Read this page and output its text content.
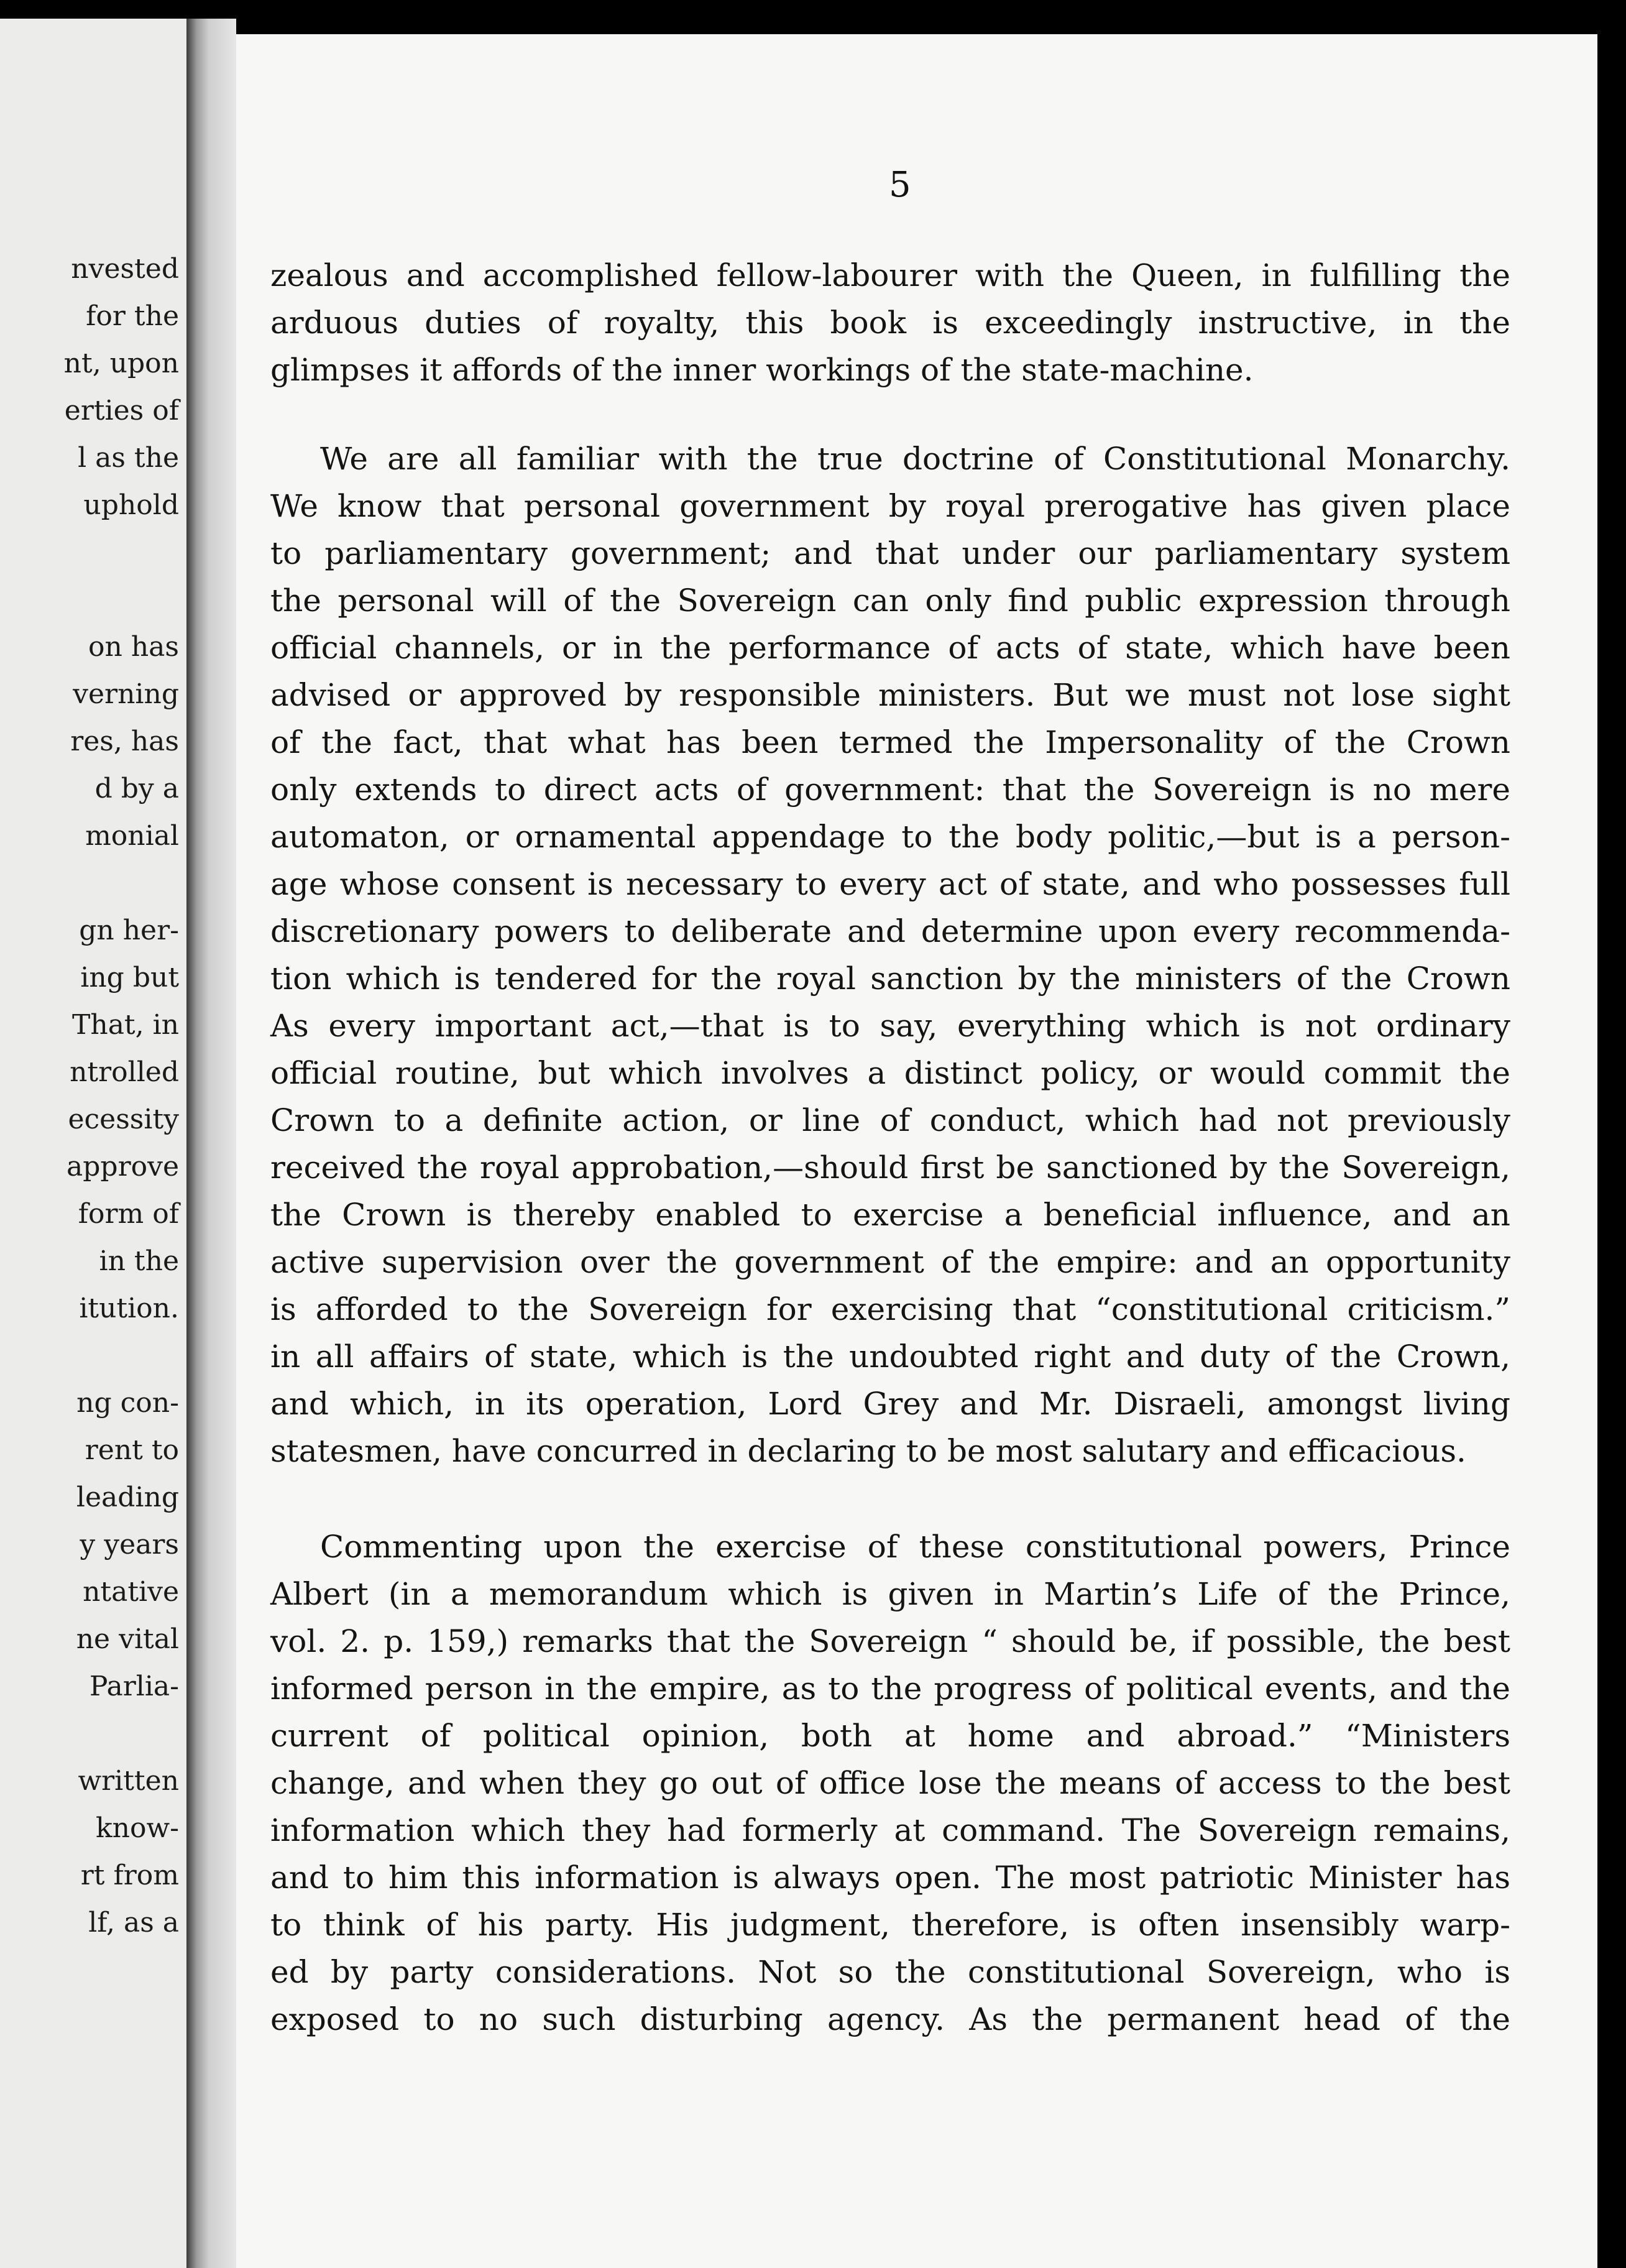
nvested
for the
nt, upon
erties of
l as the
uphold
on has
verning
res, has
d by a
monial
gn her-
ing but
That, in
ntrolled
ecessity
approve
form of
in the
itution.
ng con-
rent to
leading
y years
ntative
ne vital
Parlia-
written
know-
rt from
lf, as a
5
zealous and accomplished fellow-labourer with the Queen, in fulfilling the
arduous duties of royalty, this book is exceedingly instructive, in the
glimpses it affords of the inner workings of the state-machine.
We are all familiar with the true doctrine of Constitutional Monarchy.
We know that personal government by royal prerogative has given place
to parliamentary government; and that under our parliamentary system
the personal will of the Sovereign can only find public expression through
official channels, or in the performance of acts of state, which have been
advised or approved by responsible ministers. But we must not lose sight
of the fact, that what has been termed the Impersonality of the Crown
only extends to direct acts of government: that the Sovereign is no mere
automaton, or ornamental appendage to the body politic,—but is a person-
age whose consent is necessary to every act of state, and who possesses full
discretionary powers to deliberate and determine upon every recommenda-
tion which is tendered for the royal sanction by the ministers of the Crown
As every important act,—that is to say, everything which is not ordinary
official routine, but which involves a distinct policy, or would commit the
Crown to a definite action, or line of conduct, which had not previously
received the royal approbation,—should first be sanctioned by the Sovereign,
the Crown is thereby enabled to exercise a beneficial influence, and an
active supervision over the government of the empire: and an opportunity
is afforded to the Sovereign for exercising that “constitutional criticism.”
in all affairs of state, which is the undoubted right and duty of the Crown,
and which, in its operation, Lord Grey and Mr. Disraeli, amongst living
statesmen, have concurred in declaring to be most salutary and efficacious.
Commenting upon the exercise of these constitutional powers, Prince
Albert (in a memorandum which is given in Martin’s Life of the Prince,
vol. 2. p. 159,) remarks that the Sovereign “ should be, if possible, the best
informed person in the empire, as to the progress of political events, and the
current of political opinion, both at home and abroad.” “Ministers
change, and when they go out of office lose the means of access to the best
information which they had formerly at command. The Sovereign remains,
and to him this information is always open. The most patriotic Minister has
to think of his party. His judgment, therefore, is often insensibly warp-
ed by party considerations. Not so the constitutional Sovereign, who is
exposed to no such disturbing agency. As the permanent head of the
